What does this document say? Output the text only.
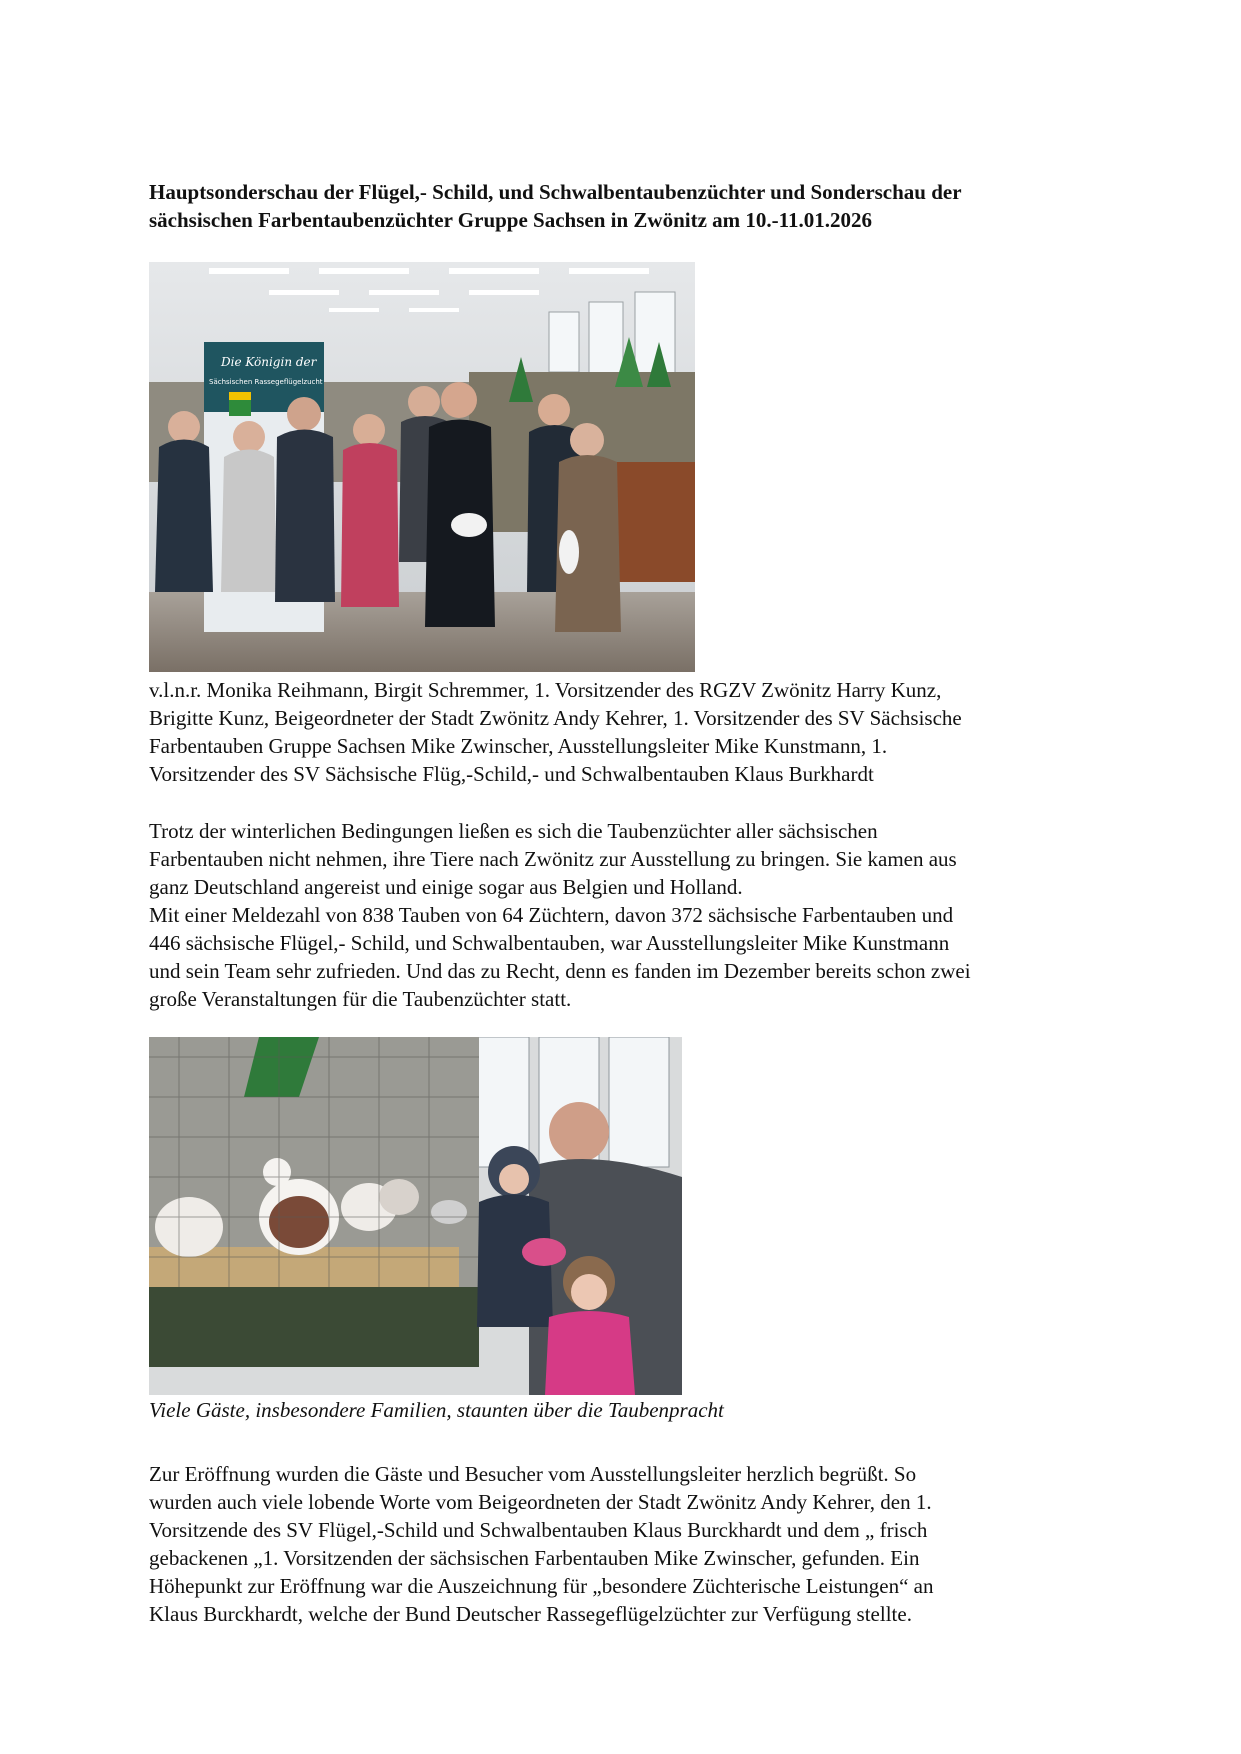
Hauptsonderschau der Flügel,- Schild, und Schwalbentaubenzüchter und Sonderschau der
sächsischen Farbentaubenzüchter Gruppe Sachsen in Zwönitz am 10.-11.01.2026
Die Königin der
Sächsischen Rassegeflügelzucht

v.l.n.r. Monika Reihmann, Birgit Schremmer, 1. Vorsitzender des RGZV Zwönitz Harry Kunz,
Brigitte Kunz, Beigeordneter der Stadt Zwönitz Andy Kehrer, 1. Vorsitzender des SV Sächsische
Farbentauben Gruppe Sachsen Mike Zwinscher, Ausstellungsleiter Mike Kunstmann, 1.
Vorsitzender des SV Sächsische Flüg,-Schild,- und Schwalbentauben Klaus Burkhardt

Trotz der winterlichen Bedingungen ließen es sich die Taubenzüchter aller sächsischen
Farbentauben nicht nehmen, ihre Tiere nach Zwönitz zur Ausstellung zu bringen. Sie kamen aus
ganz Deutschland angereist und einige sogar aus Belgien und Holland.
Mit einer Meldezahl von 838 Tauben von 64 Züchtern, davon 372 sächsische Farbentauben und
446 sächsische Flügel,- Schild, und Schwalbentauben, war Ausstellungsleiter Mike Kunstmann
und sein Team sehr zufrieden. Und das zu Recht, denn es fanden im Dezember bereits schon zwei
große Veranstaltungen für die Taubenzüchter statt.

Viele Gäste, insbesondere Familien, staunten über die Taubenpracht

Zur Eröffnung wurden die Gäste und Besucher vom Ausstellungsleiter herzlich begrüßt. So
wurden auch viele lobende Worte vom Beigeordneten der Stadt Zwönitz Andy Kehrer, den 1.
Vorsitzende des SV Flügel,-Schild und Schwalbentauben Klaus Burckhardt und dem „ frisch
gebackenen „1. Vorsitzenden der sächsischen Farbentauben Mike Zwinscher, gefunden. Ein
Höhepunkt zur Eröffnung war die Auszeichnung für „besondere Züchterische Leistungen“ an
Klaus Burckhardt, welche der Bund Deutscher Rassegeflügelzüchter zur Verfügung stellte.
